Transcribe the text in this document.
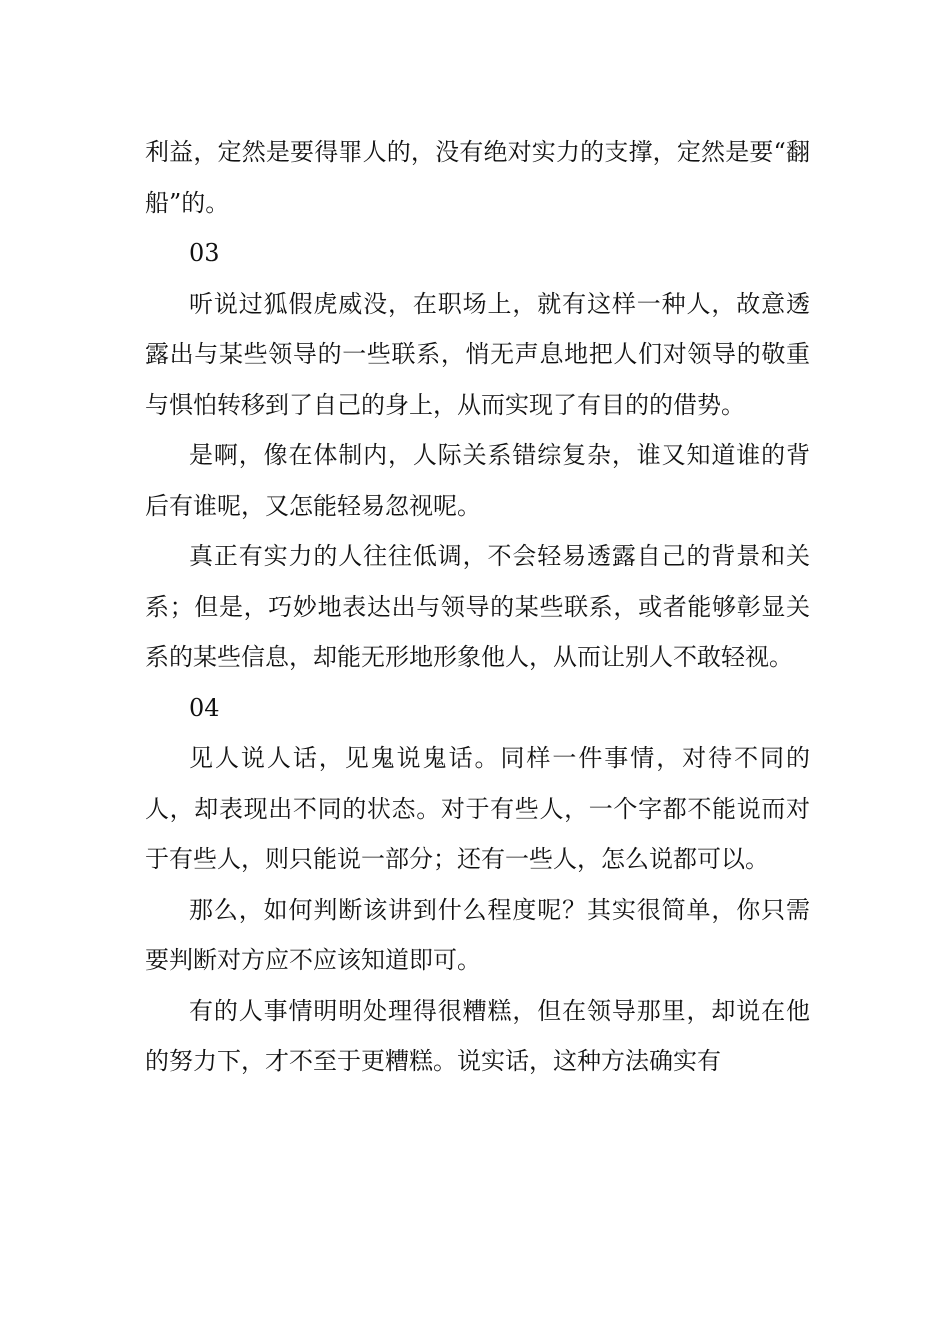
利益，定然是要得罪人的，没有绝对实力的支撑，定然是要“翻船”的。

03

听说过狐假虎威没，在职场上，就有这样一种人，故意透露出与某些领导的一些联系，悄无声息地把人们对领导的敬重与惧怕转移到了自己的身上，从而实现了有目的的借势。

是啊，像在体制内，人际关系错综复杂，谁又知道谁的背后有谁呢，又怎能轻易忽视呢。

真正有实力的人往往低调，不会轻易透露自己的背景和关系；但是，巧妙地表达出与领导的某些联系，或者能够彰显关系的某些信息，却能无形地形象他人，从而让别人不敢轻视。

04

见人说人话，见鬼说鬼话。同样一件事情，对待不同的人，却表现出不同的状态。对于有些人，一个字都不能说而对于有些人，则只能说一部分；还有一些人，怎么说都可以。

那么，如何判断该讲到什么程度呢？其实很简单，你只需要判断对方应不应该知道即可。

有的人事情明明处理得很糟糕，但在领导那里，却说在他的努力下，才不至于更糟糕。说实话，这种方法确实有
